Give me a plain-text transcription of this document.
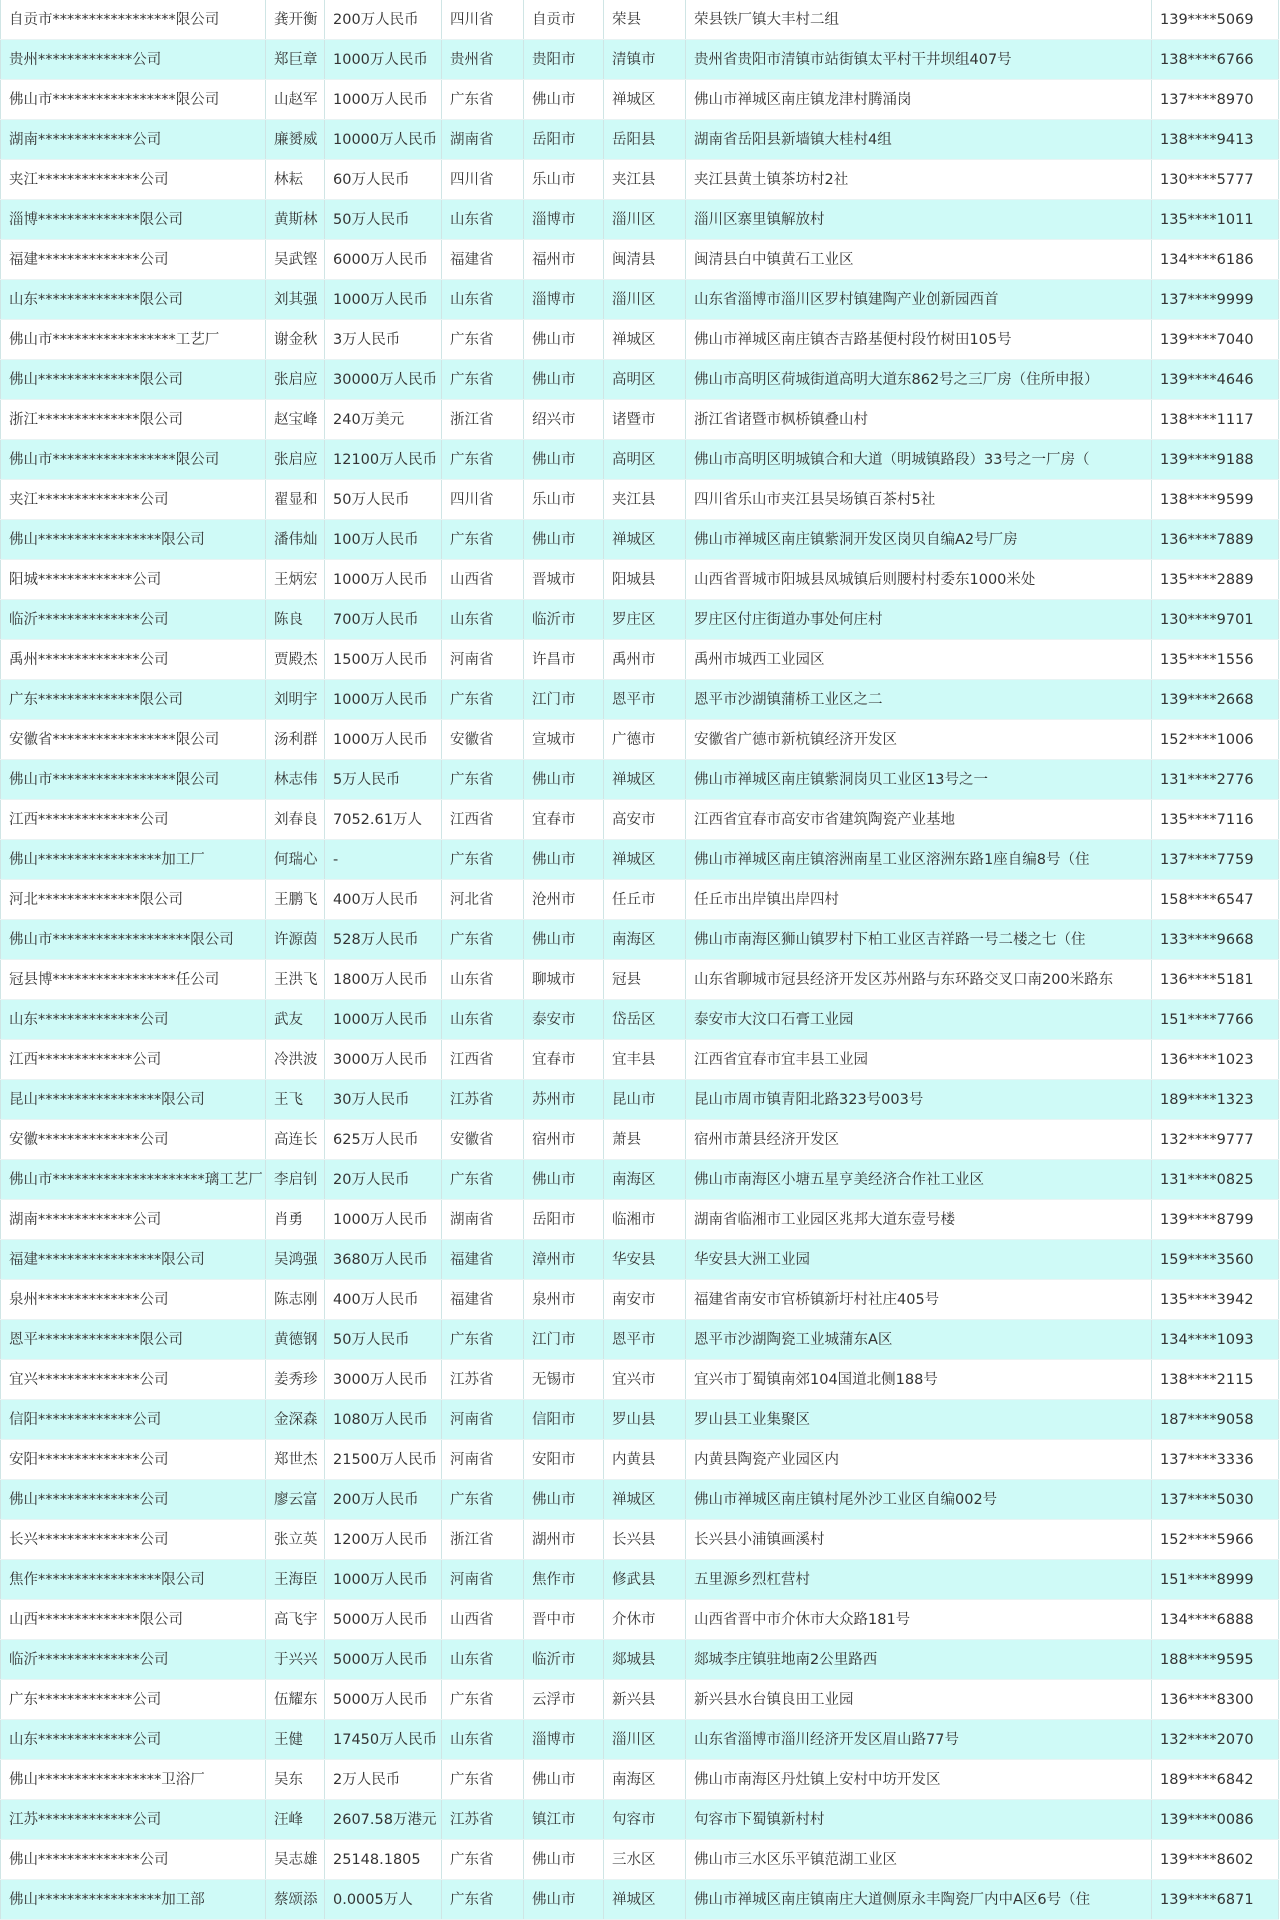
自贡市*****************限公司	龚开衡	200万人民币	四川省	自贡市	荣县	荣县铁厂镇大丰村二组	139****5069
贵州*************公司	郑巨章	1000万人民币	贵州省	贵阳市	清镇市	贵州省贵阳市清镇市站街镇太平村干井坝组407号	138****6766
佛山市*****************限公司	山赵军	1000万人民币	广东省	佛山市	禅城区	佛山市禅城区南庄镇龙津村腾涌岗	137****8970
湖南*************公司	廉赟威	10000万人民币	湖南省	岳阳市	岳阳县	湖南省岳阳县新墙镇大桂村4组	138****9413
夹江**************公司	林耘	60万人民币	四川省	乐山市	夹江县	夹江县黄土镇茶坊村2社	130****5777
淄博**************限公司	黄斯林	50万人民币	山东省	淄博市	淄川区	淄川区寨里镇解放村	135****1011
福建**************公司	吴武铿	6000万人民币	福建省	福州市	闽清县	闽清县白中镇黄石工业区	134****6186
山东**************限公司	刘其强	1000万人民币	山东省	淄博市	淄川区	山东省淄博市淄川区罗村镇建陶产业创新园西首	137****9999
佛山市*****************工艺厂	谢金秋	3万人民币	广东省	佛山市	禅城区	佛山市禅城区南庄镇杏吉路基便村段竹树田105号	139****7040
佛山**************限公司	张启应	30000万人民币	广东省	佛山市	高明区	佛山市高明区荷城街道高明大道东862号之三厂房（住所申报）	139****4646
浙江**************限公司	赵宝峰	240万美元	浙江省	绍兴市	诸暨市	浙江省诸暨市枫桥镇叠山村	138****1117
佛山市*****************限公司	张启应	12100万人民币	广东省	佛山市	高明区	佛山市高明区明城镇合和大道（明城镇路段）33号之一厂房（	139****9188
夹江**************公司	翟显和	50万人民币	四川省	乐山市	夹江县	四川省乐山市夹江县吴场镇百茶村5社	138****9599
佛山*****************限公司	潘伟灿	100万人民币	广东省	佛山市	禅城区	佛山市禅城区南庄镇紫洞开发区岗贝自编A2号厂房	136****7889
阳城*************公司	王炳宏	1000万人民币	山西省	晋城市	阳城县	山西省晋城市阳城县凤城镇后则腰村村委东1000米处	135****2889
临沂**************公司	陈良	700万人民币	山东省	临沂市	罗庄区	罗庄区付庄街道办事处何庄村	130****9701
禹州**************公司	贾殿杰	1500万人民币	河南省	许昌市	禹州市	禹州市城西工业园区	135****1556
广东**************限公司	刘明宇	1000万人民币	广东省	江门市	恩平市	恩平市沙湖镇蒲桥工业区之二	139****2668
安徽省*****************限公司	汤利群	1000万人民币	安徽省	宣城市	广德市	安徽省广德市新杭镇经济开发区	152****1006
佛山市*****************限公司	林志伟	5万人民币	广东省	佛山市	禅城区	佛山市禅城区南庄镇紫洞岗贝工业区13号之一	131****2776
江西**************公司	刘春良	7052.61万人	江西省	宜春市	高安市	江西省宜春市高安市省建筑陶瓷产业基地	135****7116
佛山*****************加工厂	何瑞心	-	广东省	佛山市	禅城区	佛山市禅城区南庄镇溶洲南星工业区溶洲东路1座自编8号（住	137****7759
河北**************限公司	王鹏飞	400万人民币	河北省	沧州市	任丘市	任丘市出岸镇出岸四村	158****6547
佛山市*******************限公司	许源茵	528万人民币	广东省	佛山市	南海区	佛山市南海区狮山镇罗村下柏工业区吉祥路一号二楼之七（住	133****9668
冠县博*****************任公司	王洪飞	1800万人民币	山东省	聊城市	冠县	山东省聊城市冠县经济开发区苏州路与东环路交叉口南200米路东	136****5181
山东**************公司	武友	1000万人民币	山东省	泰安市	岱岳区	泰安市大汶口石膏工业园	151****7766
江西*************公司	冷洪波	3000万人民币	江西省	宜春市	宜丰县	江西省宜春市宜丰县工业园	136****1023
昆山*****************限公司	王飞	30万人民币	江苏省	苏州市	昆山市	昆山市周市镇青阳北路323号003号	189****1323
安徽**************公司	高连长	625万人民币	安徽省	宿州市	萧县	宿州市萧县经济开发区	132****9777
佛山市*********************璃工艺厂	李启钊	20万人民币	广东省	佛山市	南海区	佛山市南海区小塘五星亨美经济合作社工业区	131****0825
湖南*************公司	肖勇	1000万人民币	湖南省	岳阳市	临湘市	湖南省临湘市工业园区兆邦大道东壹号楼	139****8799
福建*****************限公司	吴鸿强	3680万人民币	福建省	漳州市	华安县	华安县大洲工业园	159****3560
泉州**************公司	陈志刚	400万人民币	福建省	泉州市	南安市	福建省南安市官桥镇新圩村社庄405号	135****3942
恩平**************限公司	黄德钢	50万人民币	广东省	江门市	恩平市	恩平市沙湖陶瓷工业城蒲东A区	134****1093
宜兴**************公司	姜秀珍	3000万人民币	江苏省	无锡市	宜兴市	宜兴市丁蜀镇南郊104国道北侧188号	138****2115
信阳*************公司	金深森	1080万人民币	河南省	信阳市	罗山县	罗山县工业集聚区	187****9058
安阳**************公司	郑世杰	21500万人民币	河南省	安阳市	内黄县	内黄县陶瓷产业园区内	137****3336
佛山**************公司	廖云富	200万人民币	广东省	佛山市	禅城区	佛山市禅城区南庄镇村尾外沙工业区自编002号	137****5030
长兴**************公司	张立英	1200万人民币	浙江省	湖州市	长兴县	长兴县小浦镇画溪村	152****5966
焦作*****************限公司	王海臣	1000万人民币	河南省	焦作市	修武县	五里源乡烈杠营村	151****8999
山西**************限公司	高飞宇	5000万人民币	山西省	晋中市	介休市	山西省晋中市介休市大众路181号	134****6888
临沂**************公司	于兴兴	5000万人民币	山东省	临沂市	郯城县	郯城李庄镇驻地南2公里路西	188****9595
广东*************公司	伍耀东	5000万人民币	广东省	云浮市	新兴县	新兴县水台镇良田工业园	136****8300
山东*************公司	王健	17450万人民币	山东省	淄博市	淄川区	山东省淄博市淄川经济开发区眉山路77号	132****2070
佛山*****************卫浴厂	吴东	2万人民币	广东省	佛山市	南海区	佛山市南海区丹灶镇上安村中坊开发区	189****6842
江苏*************公司	汪峰	2607.58万港元	江苏省	镇江市	句容市	句容市下蜀镇新村村	139****0086
佛山**************公司	吴志雄	25148.1805	广东省	佛山市	三水区	佛山市三水区乐平镇范湖工业区	139****8602
佛山*****************加工部	蔡颂添	0.0005万人	广东省	佛山市	禅城区	佛山市禅城区南庄镇南庄大道侧原永丰陶瓷厂内中A区6号（住	139****6871
